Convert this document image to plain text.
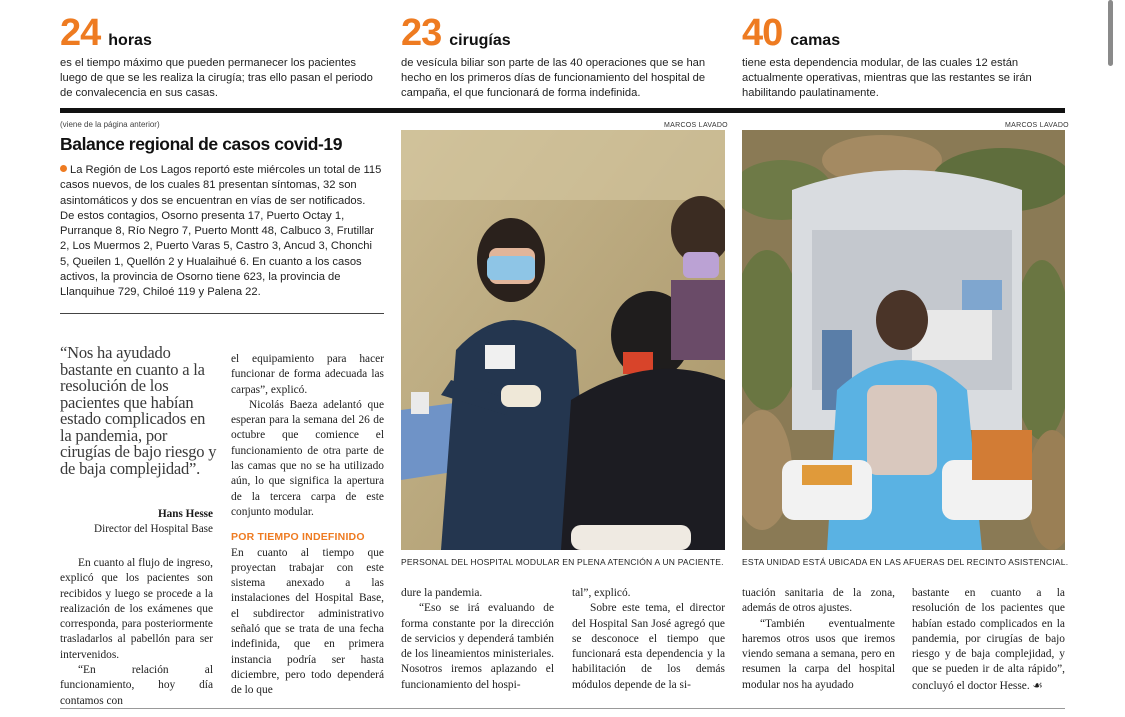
24 horas
es el tiempo máximo que pueden permanecer los pacientes luego de que se les realiza la cirugía; tras ello pasan el periodo de convalecencia en sus casas.
23 cirugías
de vesícula biliar son parte de las 40 operaciones que se han hecho en los primeros días de funcionamiento del hospital de campaña, el que funcionará de forma indefinida.
40 camas
tiene esta dependencia modular, de las cuales 12 están actualmente operativas, mientras que las restantes se irán habilitando paulatinamente.
(viene de la página anterior)
Balance regional de casos covid-19
La Región de Los Lagos reportó este miércoles un total de 115 casos nuevos, de los cuales 81 presentan síntomas, 32 son asintomáticos y dos se encuentran en vías de ser notificados. De estos contagios, Osorno presenta 17, Puerto Octay 1, Purranque 8, Río Negro 7, Puerto Montt 48, Calbuco 3, Frutillar 2, Los Muermos 2, Puerto Varas 5, Castro 3, Ancud 3, Chonchi 5, Queilen 1, Quellón 2 y Hualaihué 6. En cuanto a los casos activos, la provincia de Osorno tiene 623, la provincia de Llanquihue 729, Chiloé 119 y Palena 22.
“Nos ha ayudado bastante en cuanto a la resolución de los pacientes que habían estado complicados en la pandemia, por cirugías de bajo riesgo y de baja complejidad”.
Hans Hesse
Director del Hospital Base

En cuanto al flujo de ingreso, explicó que los pacientes son recibidos y luego se procede a la realización de los exámenes que corresponda, para posteriormente trasladarlos al pabellón para ser intervenidos.

“En relación al funcionamiento, hoy día contamos con

el equipamiento para hacer funcionar de forma adecuada las carpas”, explicó.

Nicolás Baeza adelantó que esperan para la semana del 26 de octubre que comience el funcionamiento de otra parte de las camas que no se ha utilizado aún, lo que significa la apertura de la tercera carpa de este conjunto modular.

POR TIEMPO INDEFINIDO

En cuanto al tiempo que proyectan trabajar con este sistema anexado a las instalaciones del Hospital Base, el subdirector administrativo señaló que se trata de una fecha indefinida, que en primera instancia podría ser hasta diciembre, pero todo dependerá de lo que

dure la pandemia.

“Eso se irá evaluando de forma constante por la dirección de servicios y dependerá también de los lineamientos ministeriales. Nosotros iremos aplazando el funcionamiento del hospi-

tal”, explicó.

Sobre este tema, el director del Hospital San José agregó que se desconoce el tiempo que funcionará esta dependencia y la habilitación de los demás módulos depende de la si-

tuación sanitaria de la zona, además de otros ajustes.

“También eventualmente haremos otros usos que iremos viendo semana a semana, pero en resumen la carpa del hospital modular nos ha ayudado

bastante en cuanto a la resolución de los pacientes que habían estado complicados en la pandemia, por cirugías de bajo riesgo y de baja complejidad, y que se pueden ir de alta rápido”, concluyó el doctor Hesse. ☙

MARCOS LAVADO
PERSONAL DEL HOSPITAL MODULAR EN PLENA ATENCIÓN A UN PACIENTE.
MARCOS LAVADO
ESTA UNIDAD ESTÁ UBICADA EN LAS AFUERAS DEL RECINTO ASISTENCIAL.
